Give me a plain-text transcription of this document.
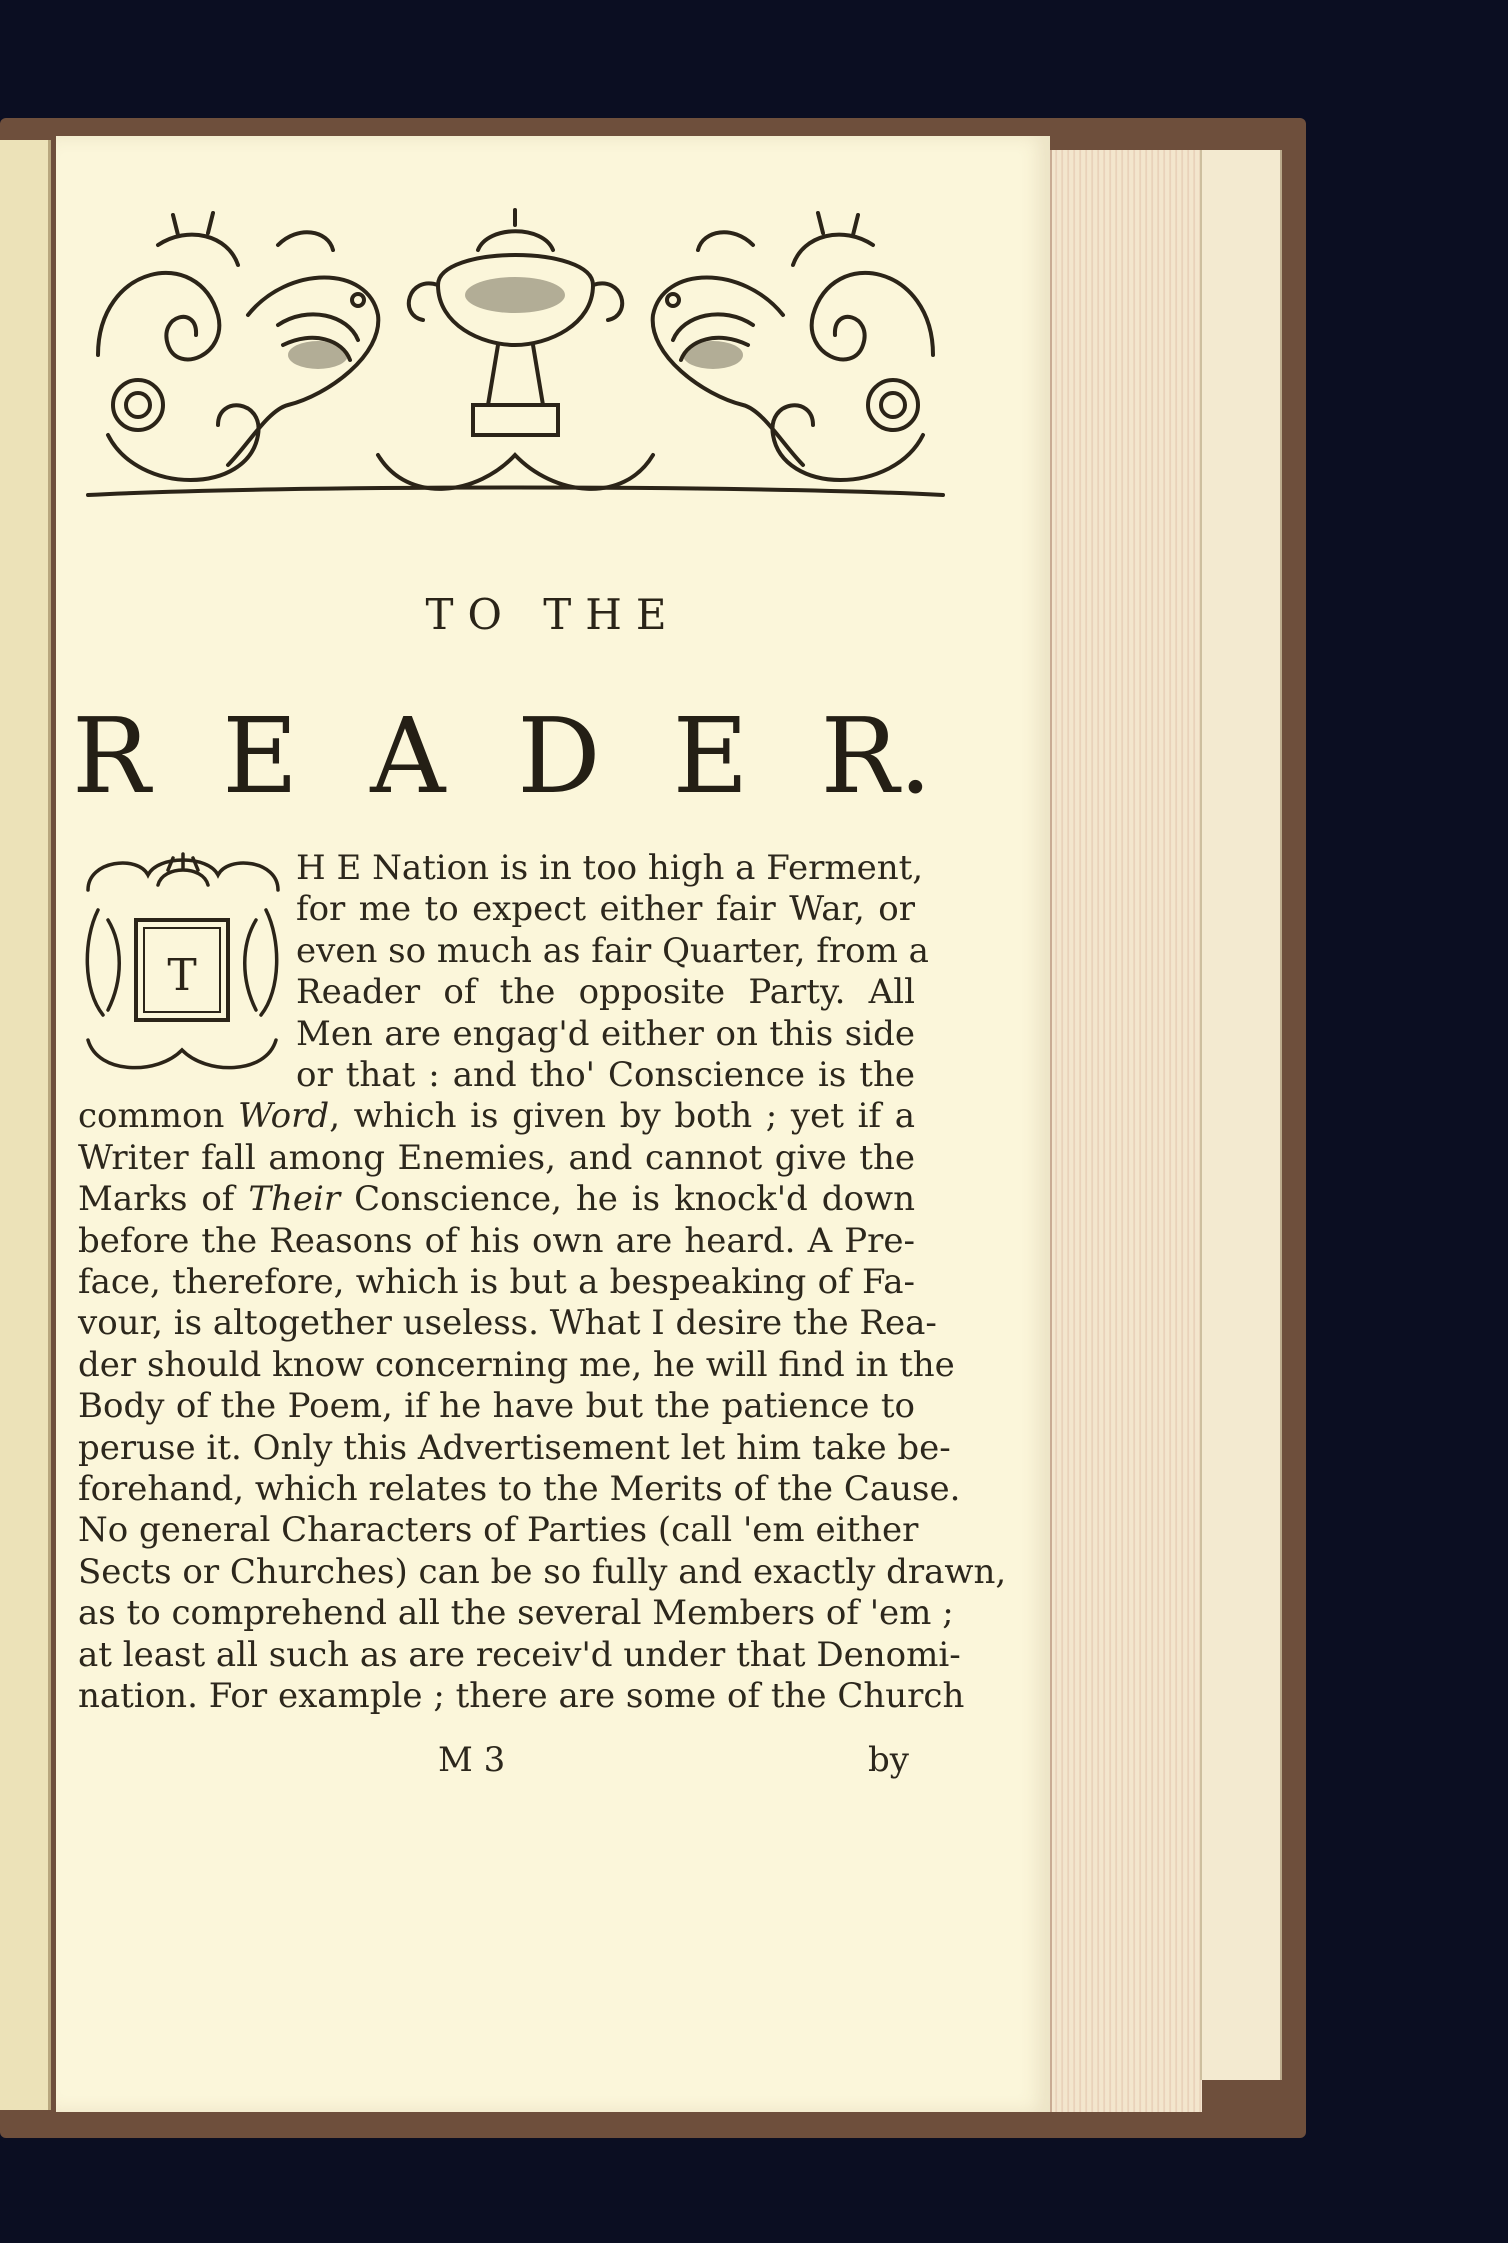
TO THE

R E A D E R.
T

H E Nation is in too high a Ferment,

for me to expect either fair War, or

even so much as fair Quarter, from a

Reader of the opposite Party. All

Men are engag'd either on this side

or that : and tho' Conscience is the

common Word, which is given by both ; yet if a

Writer fall among Enemies, and cannot give the

Marks of Their Conscience, he is knock'd down

before the Reasons of his own are heard. A Pre-

face, therefore, which is but a bespeaking of Fa-

vour, is altogether useless. What I desire the Rea-

der should know concerning me, he will find in the

Body of the Poem, if he have but the patience to

peruse it. Only this Advertisement let him take be-

forehand, which relates to the Merits of the Cause.

No general Characters of Parties (call 'em either

Sects or Churches) can be so fully and exactly drawn,

as to comprehend all the several Members of 'em ;

at least all such as are receiv'd under that Denomi-

nation. For example ; there are some of the Church

M 3	by
